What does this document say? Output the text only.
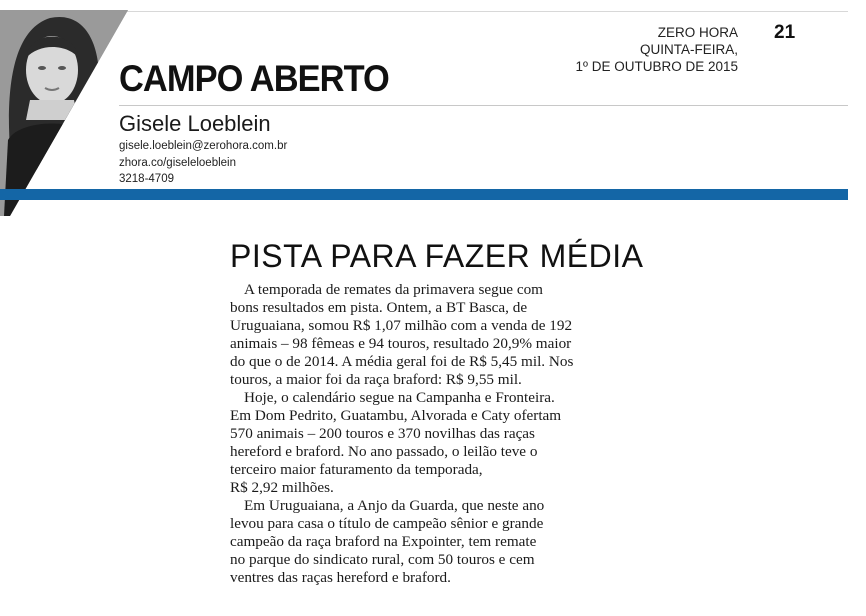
ZERO HORA
QUINTA-FEIRA,
1º DE OUTUBRO DE 2015
21
CAMPO ABERTO
Gisele Loeblein
gisele.loeblein@zerohora.com.br
zhora.co/giseleloeblein
3218-4709
PISTA PARA FAZER MÉDIA

A temporada de remates da primavera segue com

bons resultados em pista. Ontem, a BT Basca, de

Uruguaiana, somou R$ 1,07 milhão com a venda de 192

animais – 98 fêmeas e 94 touros, resultado 20,9% maior

do que o de 2014. A média geral foi de R$ 5,45 mil. Nos

touros, a maior foi da raça braford: R$ 9,55 mil.

Hoje, o calendário segue na Campanha e Fronteira.

Em Dom Pedrito, Guatambu, Alvorada e Caty ofertam

570 animais – 200 touros e 370 novilhas das raças

hereford e braford. No ano passado, o leilão teve o

terceiro maior faturamento da temporada,

R$ 2,92 milhões.

Em Uruguaiana, a Anjo da Guarda, que neste ano

levou para casa o título de campeão sênior e grande

campeão da raça braford na Expointer, tem remate

no parque do sindicato rural, com 50 touros e cem

ventres das raças hereford e braford.
